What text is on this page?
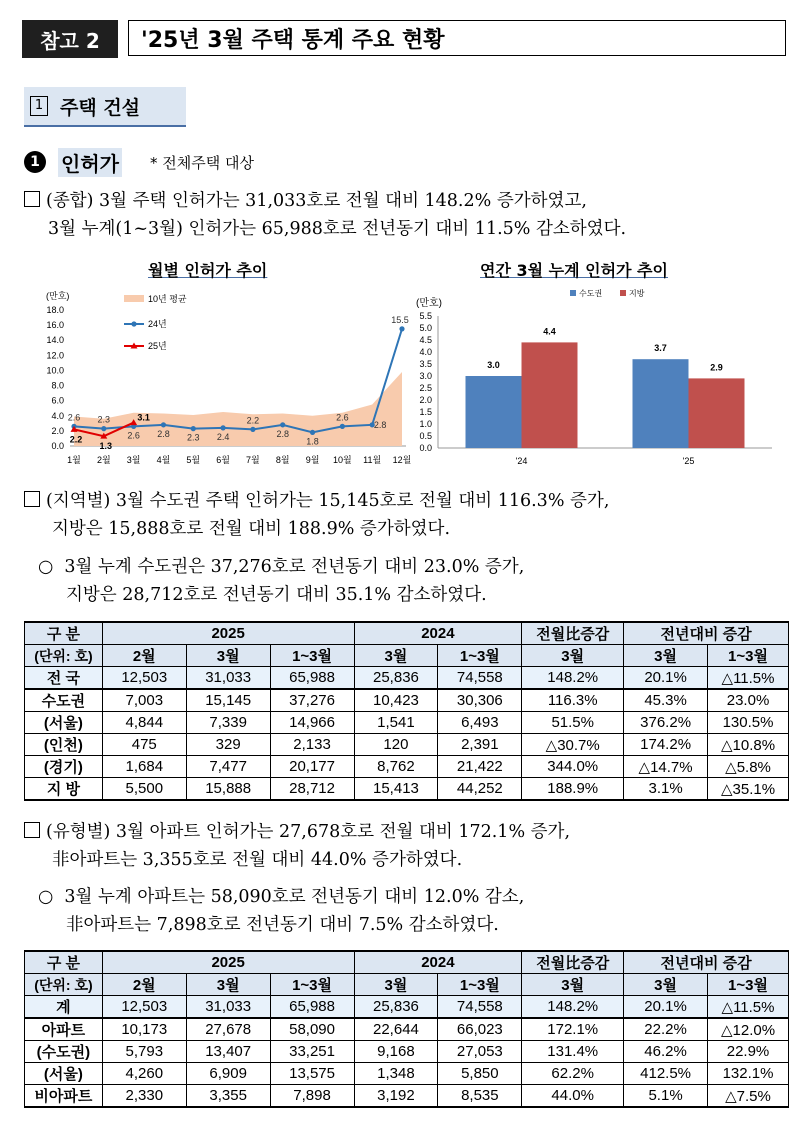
참고 2	'25년 3월 주택 통계 주요 현황
1 주택 건설
1	인허가 * 전체주택 대상
(종합) 3월 주택 인허가는 31,033호로 전월 대비 148.2% 증가하였고,
3월 누계(1~3월) 인허가는 65,988호로 전년동기 대비 11.5% 감소하였다.
월별 인허가 추이	연간 3월 누계 인허가 추이
(만호)
0.0
2.0
4.0
6.0
8.0
10.0
12.0
14.0
16.0
18.0
2.6 2.3
2.6 2.8 2.3 2.4
2.2
2.8
1.8
2.6
2.8
15.5
2.2
1.3
3.1
1월 2월 3월 4월 5월 6월 7월 8월 9월 10월 11월 12월
10년 평균
24년
25년
(만호)
0.0
0.5
1.0
1.5
2.0
2.5
3.0
3.5
4.0
4.5
5.0
5.5
3.0
4.4
'24
3.7
2.9
'25
수도권	지방
(지역별) 3월 수도권 주택 인허가는 15,145호로 전월 대비 116.3% 증가,
지방은 15,888호로 전월 대비 188.9% 증가하였다.
○ 3월 누계 수도권은 37,276호로 전년동기 대비 23.0% 증가,
지방은 28,712호로 전년동기 대비 35.1% 감소하였다.
구 분	2025			2024		전월比증감	전년대비 증감	
(단위: 호)	2월	3월	1~3월	3월	1~3월	3월	3월	1~3월
전 국	12,503	31,033	65,988	25,836	74,558	148.2%	20.1%	△11.5%
수도권	7,003	15,145	37,276	10,423	30,306	116.3%	45.3%	23.0%
(서울)	4,844	7,339	14,966	1,541	6,493	51.5%	376.2%	130.5%
(인천)	475	329	2,133	120	2,391	△30.7%	174.2%	△10.8%
(경기)	1,684	7,477	20,177	8,762	21,422	344.0%	△14.7%	△5.8%
지 방	5,500	15,888	28,712	15,413	44,252	188.9%	3.1%	△35.1%
(유형별) 3월 아파트 인허가는 27,678호로 전월 대비 172.1% 증가,
非아파트는 3,355호로 전월 대비 44.0% 증가하였다.
○ 3월 누계 아파트는 58,090호로 전년동기 대비 12.0% 감소,
非아파트는 7,898호로 전년동기 대비 7.5% 감소하였다.
구 분	2025			2024		전월比증감	전년대비 증감	
(단위: 호)	2월	3월	1~3월	3월	1~3월	3월	3월	1~3월
계	12,503	31,033	65,988	25,836	74,558	148.2%	20.1%	△11.5%
아파트	10,173	27,678	58,090	22,644	66,023	172.1%	22.2%	△12.0%
(수도권)	5,793	13,407	33,251	9,168	27,053	131.4%	46.2%	22.9%
(서울)	4,260	6,909	13,575	1,348	5,850	62.2%	412.5%	132.1%
비아파트	2,330	3,355	7,898	3,192	8,535	44.0%	5.1%	△7.5%
